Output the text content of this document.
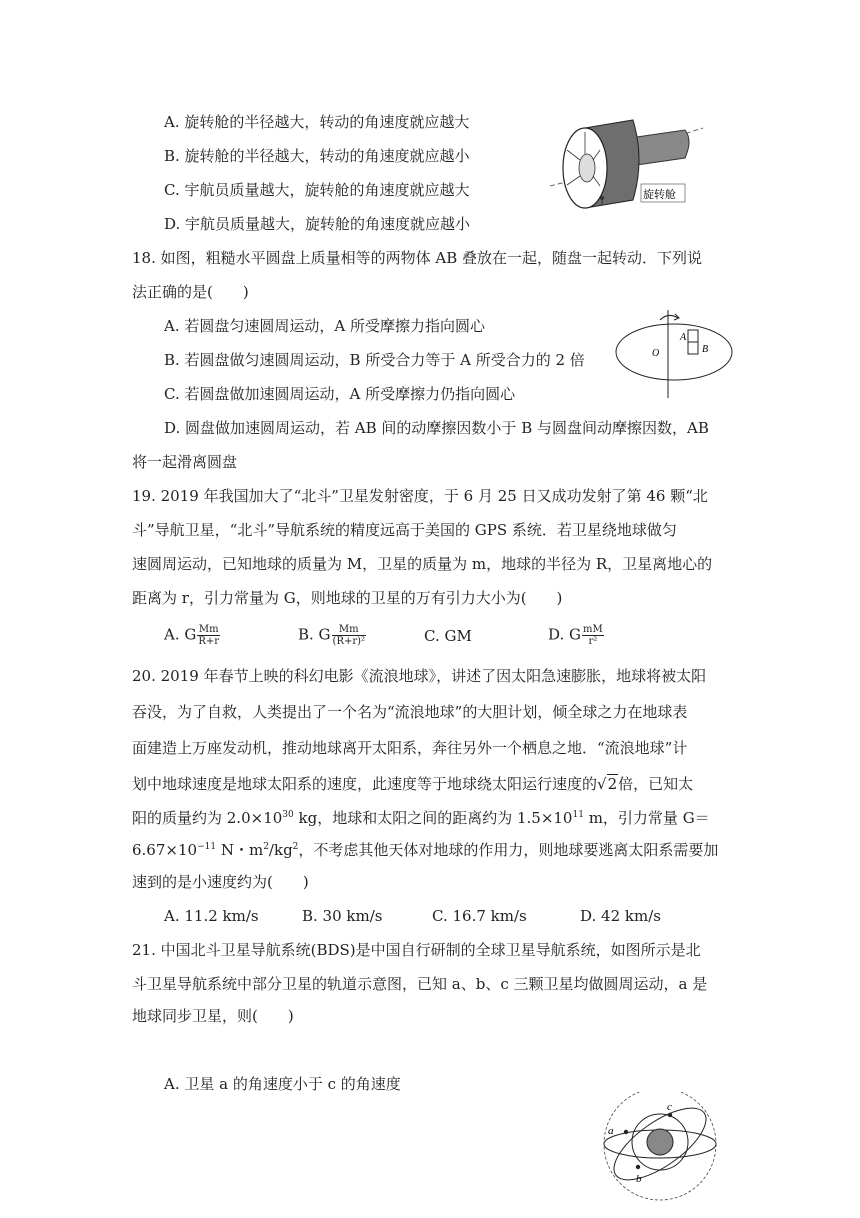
A. 旋转舱的半径越大，转动的角速度就应越大
B. 旋转舱的半径越大，转动的角速度就应越小
C. 宇航员质量越大，旋转舱的角速度就应越大
D. 宇航员质量越大，旋转舱的角速度就应越小
旋转舱
18. 如图，粗糙水平圆盘上质量相等的两物体 AB 叠放在一起，随盘一起转动．下列说
法正确的是(　　)
A. 若圆盘匀速圆周运动，A 所受摩擦力指向圆心
B. 若圆盘做匀速圆周运动，B 所受合力等于 A 所受合力的 2 倍
C. 若圆盘做加速圆周运动，A 所受摩擦力仍指向圆心
D. 圆盘做加速圆周运动，若 AB 间的动摩擦因数小于 B 与圆盘间动摩擦因数，AB
将一起滑离圆盘
A
B
O
19. 2019 年我国加大了“北斗”卫星发射密度，于 6 月 25 日又成功发射了第 46 颗“北
斗”导航卫星，“北斗”导航系统的精度远高于美国的 GPS 系统．若卫星绕地球做匀
速圆周运动，已知地球的质量为 M，卫星的质量为 m，地球的半径为 R，卫星离地心的
距离为 r，引力常量为 G，则地球的卫星的万有引力大小为(　　)
A. G $\frac{Mm}{R+r}$	B. G $\frac{Mm}{\text{(R+r)²}}$	C. GM	D. G $\frac{mM}{\text{r²}}$
20. 2019 年春节上映的科幻电影《流浪地球》，讲述了因太阳急速膨胀，地球将被太阳
吞没，为了自救，人类提出了一个名为“流浪地球”的大胆计划，倾全球之力在地球表
面建造上万座发动机，推动地球离开太阳系，奔往另外一个栖息之地．“流浪地球”计
划中地球速度是地球太阳系的速度，此速度等于地球绕太阳运行速度的√2倍，已知太
阳的质量约为 $2.0\times 10^{30}$ kg，地球和太阳之间的距离约为 $1.5\times 10^{11}$ m，引力常量 G＝
$6.67\times 10^{-11}$ N・$m^2/kg^2$，不考虑其他天体对地球的作用力，则地球要逃离太阳系需要加
速到的是小速度约为(　　)
A. 11.2 km/s	B. 30 km/s	C. 16.7 km/s	D. 42 km/s
21. 中国北斗卫星导航系统(BDS)是中国自行研制的全球卫星导航系统，如图所示是北
斗卫星导航系统中部分卫星的轨道示意图，已知 a、b、c 三颗卫星均做圆周运动，a 是
地球同步卫星，则(　　)
A. 卫星 a 的角速度小于 c 的角速度
c
a
b
